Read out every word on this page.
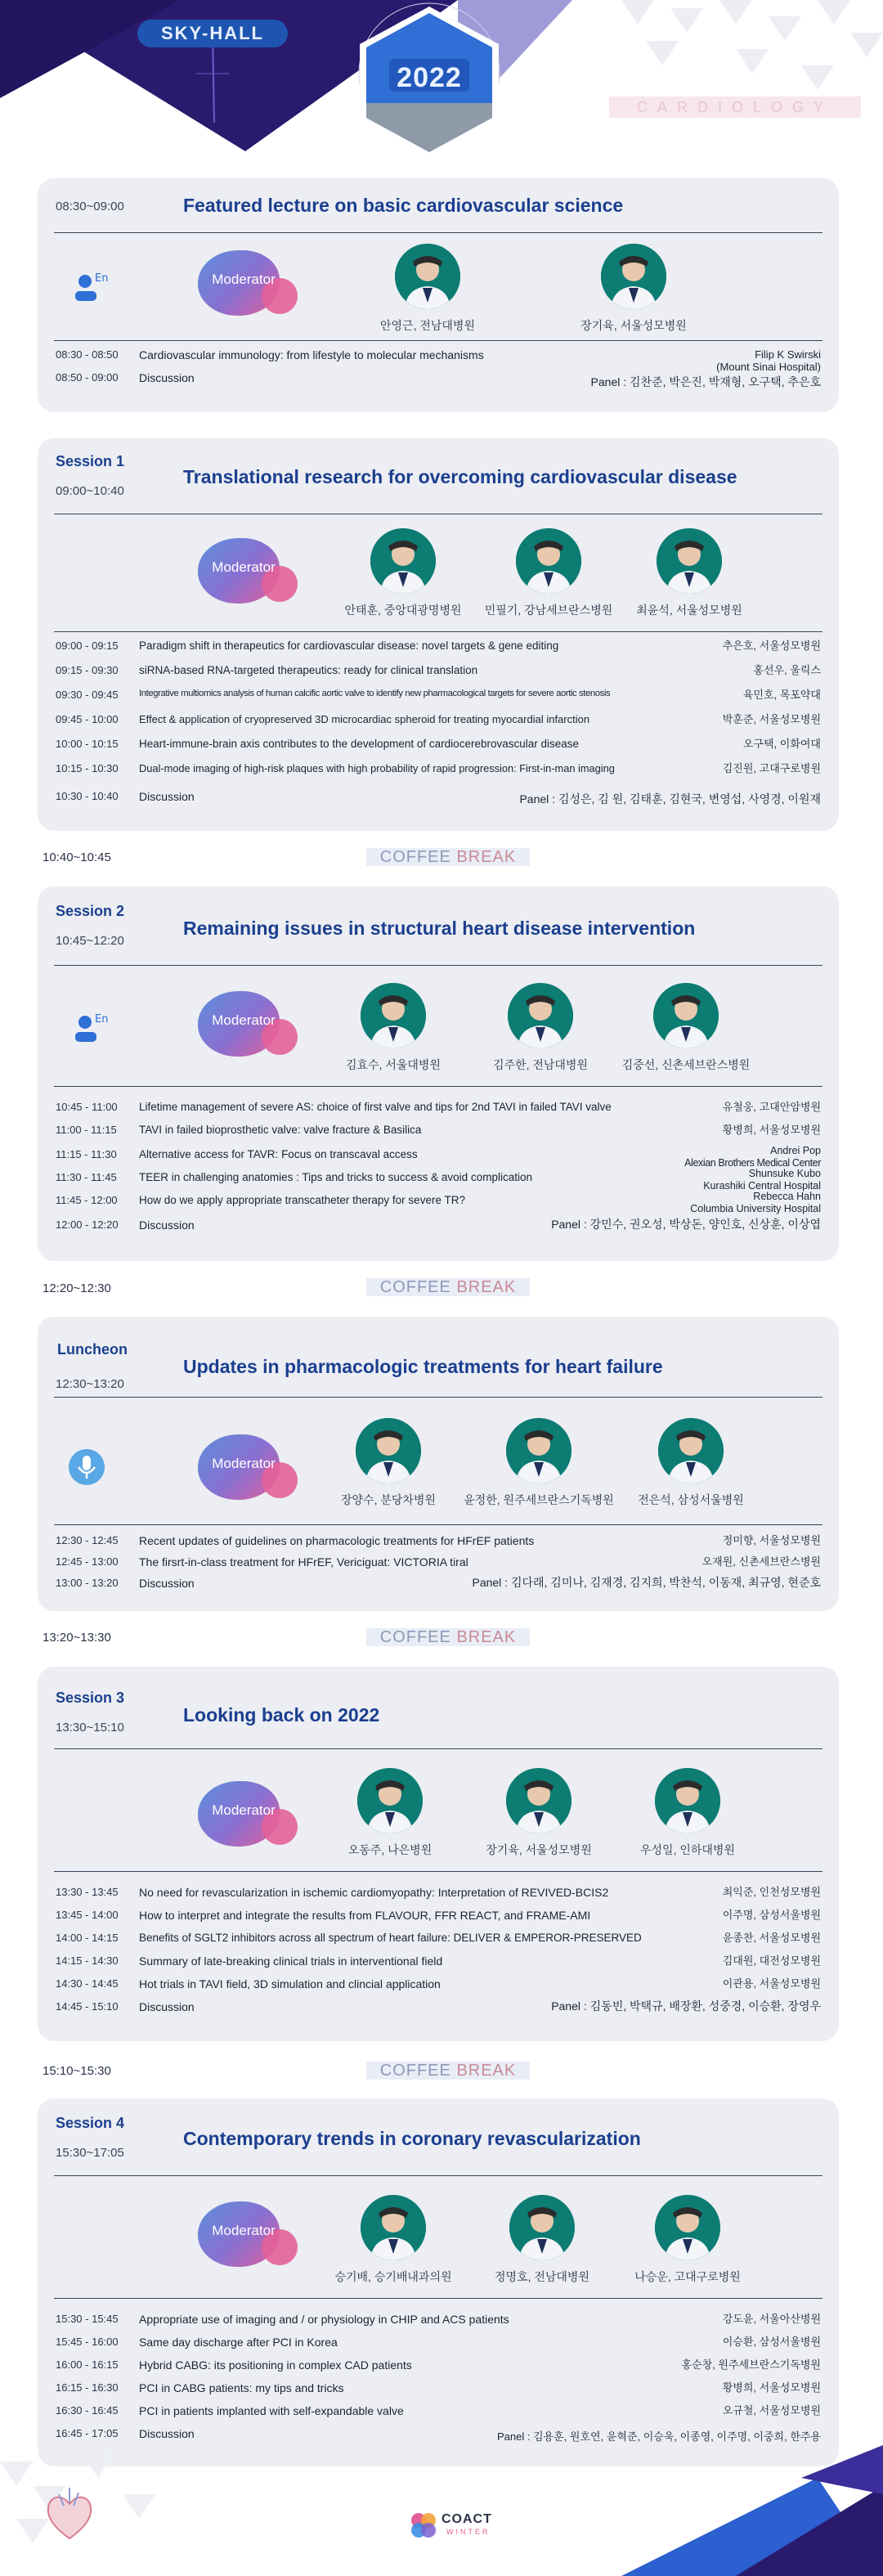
SKY-HALL
2022
CARDIOLOGY
08:30~09:00	Featured lecture on basic cardiovascular science
En	Moderator
안영근, 전남대병원	장기육, 서울성모병원
08:30 - 08:50 Cardiovascular immunology: from lifestyle to molecular mechanisms	Filip K Swirski
(Mount Sinai Hospital)
08:50 - 09:00 Discussion	Panel : 김찬준, 박은진, 박재형, 오구택, 추은호
Session 1
09:00~10:40
Translational research for overcoming cardiovascular disease
Moderator
안태훈, 중앙대광명병원	민필기, 강남세브란스병원	최윤석, 서울성모병원
09:00 - 09:15 Paradigm shift in therapeutics for cardiovascular disease: novel targets & gene editing	추은호, 서울성모병원
09:15 - 09:30 siRNA-based RNA-targeted therapeutics: ready for clinical translation	홍선우, 울릭스
09:30 - 09:45 Integrative multiomics analysis of human calcific aortic valve to identify new pharmacological targets for severe aortic stenosis	육민호, 목포약대
09:45 - 10:00 Effect & application of cryopreserved 3D microcardiac spheroid for treating myocardial infarction	박훈준, 서울성모병원
10:00 - 10:15 Heart-immune-brain axis contributes to the development of cardiocerebrovascular disease	오구택, 이화여대
10:15 - 10:30 Dual-mode imaging of high-risk plaques with high probability of rapid progression: First-in-man imaging	김진원, 고대구로병원
10:30 - 10:40 Discussion	Panel : 김성은, 김 원, 김태훈, 김현국, 변영섭, 사영경, 이원재
10:40~10:45	COFFEE BREAK
Session 2
10:45~12:20
Remaining issues in structural heart disease intervention
En	Moderator
김효수, 서울대병원	김주한, 전남대병원	김중선, 신촌세브란스병원
10:45 - 11:00 Lifetime management of severe AS: choice of first valve and tips for 2nd TAVI in failed TAVI valve	유철웅, 고대안암병원
11:00 - 11:15 TAVI in failed bioprosthetic valve: valve fracture & Basilica	황병희, 서울성모병원
11:15 - 11:30 Alternative access for TAVR: Focus on transcaval access	Andrei Pop
Alexian Brothers Medical Center
11:30 - 11:45 TEER in challenging anatomies : Tips and tricks to success & avoid complication	Shunsuke Kubo
Kurashiki Central Hospital
11:45 - 12:00 How do we apply appropriate transcatheter therapy for severe TR?	Rebecca Hahn
Columbia University Hospital
12:00 - 12:20 Discussion	Panel : 강민수, 권오성, 박상돈, 양인호, 신상훈, 이상엽
12:20~12:30	COFFEE BREAK
Luncheon
12:30~13:20
Updates in pharmacologic treatments for heart failure
Moderator
장양수, 분당차병원	윤정한, 원주세브란스기독병원	전은석, 삼성서울병원
12:30 - 12:45 Recent updates of guidelines on pharmacologic treatments for HFrEF patients	정미향, 서울성모병원
12:45 - 13:00 The firsrt-in-class treatment for HFrEF, Vericiguat: VICTORIA tiral	오재원, 신촌세브란스병원
13:00 - 13:20 Discussion	Panel : 김다래, 김미나, 김재경, 김지희, 박찬석, 이동재, 최규영, 현준호
13:20~13:30	COFFEE BREAK
Session 3
13:30~15:10
Looking back on 2022
Moderator
오동주, 나은병원	장기육, 서울성모병원	우성일, 인하대병원
13:30 - 13:45 No need for revascularization in ischemic cardiomyopathy: Interpretation of REVIVED-BCIS2	최익준, 인천성모병원
13:45 - 14:00 How to interpret and integrate the results from FLAVOUR, FFR REACT, and FRAME-AMI	이주명, 삼성서울병원
14:00 - 14:15 Benefits of SGLT2 inhibitors across all spectrum of heart failure: DELIVER & EMPEROR-PRESERVED	윤종찬, 서울성모병원
14:15 - 14:30 Summary of late-breaking clinical trials in interventional field	김대원, 대전성모병원
14:30 - 14:45 Hot trials in TAVI field, 3D simulation and clincial application	이관용, 서울성모병원
14:45 - 15:10 Discussion	Panel : 김동빈, 박택규, 배장환, 성중경, 이승환, 장영우
15:10~15:30	COFFEE BREAK
Session 4
15:30~17:05
Contemporary trends in coronary revascularization
Moderator
승기배, 승기배내과의원	정명호, 전남대병원	나승운, 고대구로병원
15:30 - 15:45 Appropriate use of imaging and / or physiology in CHIP and ACS patients	강도윤, 서울아산병원
15:45 - 16:00 Same day discharge after PCI in Korea	이승환, 삼성서울병원
16:00 - 16:15 Hybrid CABG: its positioning in complex CAD patients	홍순창, 원주세브란스기독병원
16:15 - 16:30 PCI in CABG patients: my tips and tricks	황병희, 서울성모병원
16:30 - 16:45 PCI in patients implanted with self-expandable valve	오규철, 서울성모병원
16:45 - 17:05 Discussion	Panel : 김용훈, 원호연, 윤혁준, 이승욱, 이종영, 이주명, 이중희, 한주용
COACT
WINTER
